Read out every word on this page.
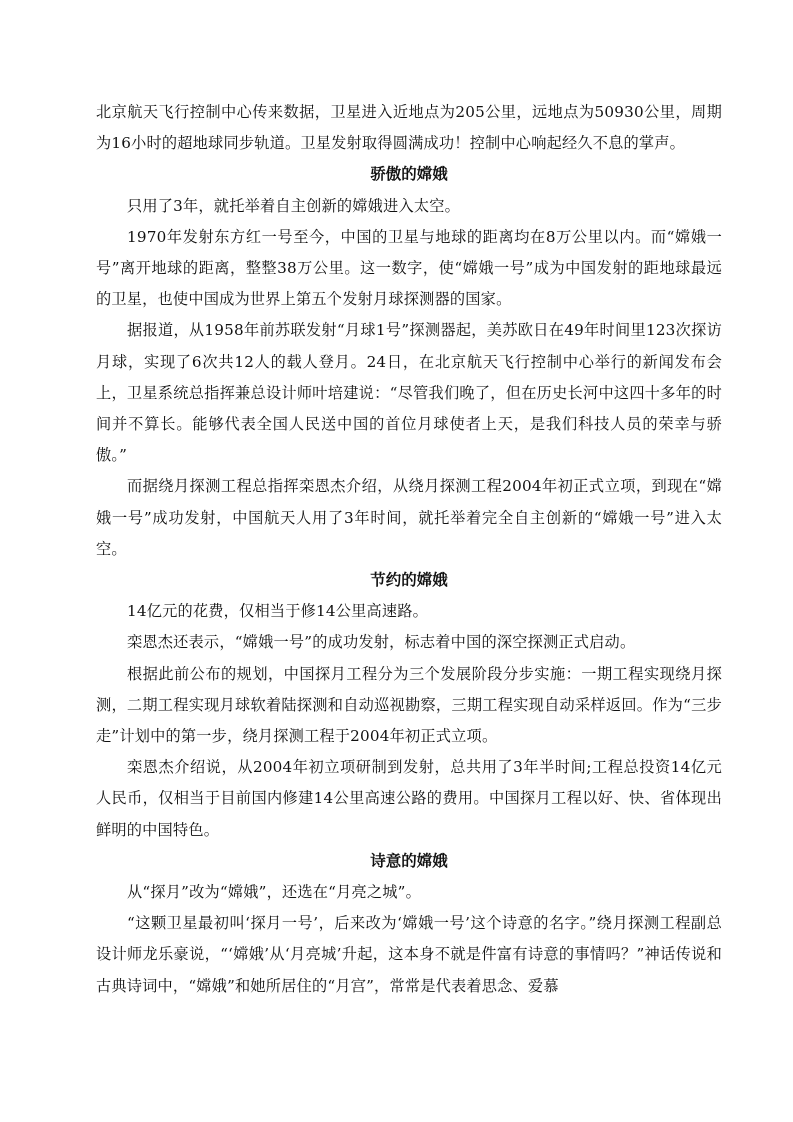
北京航天飞行控制中心传来数据，卫星进入近地点为205公里，远地点为50930公里，周期为16小时的超地球同步轨道。卫星发射取得圆满成功！控制中心响起经久不息的掌声。

骄傲的嫦娥

只用了3年，就托举着自主创新的嫦娥进入太空。

1970年发射东方红一号至今，中国的卫星与地球的距离均在8万公里以内。而“嫦娥一号”离开地球的距离，整整38万公里。这一数字，使“嫦娥一号”成为中国发射的距地球最远的卫星，也使中国成为世界上第五个发射月球探测器的国家。

据报道，从1958年前苏联发射“月球1号”探测器起，美苏欧日在49年时间里123次探访月球，实现了6次共12人的载人登月。24日，在北京航天飞行控制中心举行的新闻发布会上，卫星系统总指挥兼总设计师叶培建说：“尽管我们晚了，但在历史长河中这四十多年的时间并不算长。能够代表全国人民送中国的首位月球使者上天，是我们科技人员的荣幸与骄傲。”

而据绕月探测工程总指挥栾恩杰介绍，从绕月探测工程2004年初正式立项，到现在“嫦娥一号”成功发射，中国航天人用了3年时间，就托举着完全自主创新的“嫦娥一号”进入太空。

节约的嫦娥

14亿元的花费，仅相当于修14公里高速路。

栾恩杰还表示，“嫦娥一号”的成功发射，标志着中国的深空探测正式启动。

根据此前公布的规划，中国探月工程分为三个发展阶段分步实施：一期工程实现绕月探测，二期工程实现月球软着陆探测和自动巡视勘察，三期工程实现自动采样返回。作为“三步走”计划中的第一步，绕月探测工程于2004年初正式立项。

栾恩杰介绍说，从2004年初立项研制到发射，总共用了3年半时间;工程总投资14亿元人民币，仅相当于目前国内修建14公里高速公路的费用。中国探月工程以好、快、省体现出鲜明的中国特色。

诗意的嫦娥

从“探月”改为“嫦娥”，还选在“月亮之城”。

“这颗卫星最初叫‘探月一号’，后来改为‘嫦娥一号’这个诗意的名字。”绕月探测工程副总设计师龙乐豪说，“‘嫦娥’从‘月亮城’升起，这本身不就是件富有诗意的事情吗？”神话传说和古典诗词中，“嫦娥”和她所居住的“月宫”，常常是代表着思念、爱慕
